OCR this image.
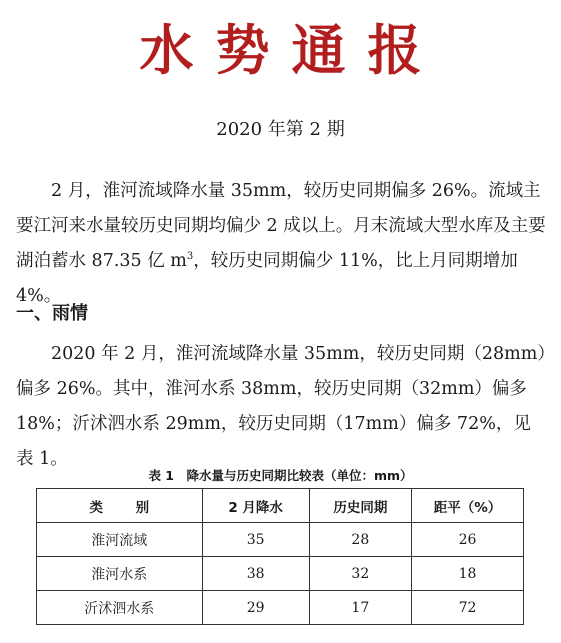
水势通报
2020 年第 2 期

2 月，淮河流域降水量 35mm，较历史同期偏多 26%。流域主要江河来水量较历史同期均偏少 2 成以上。月末流域大型水库及主要湖泊蓄水 87.35 亿 $m^3$，较历史同期偏少 11%，比上月同期增加 4%。

一、雨情

2020 年 2 月，淮河流域降水量 35mm，较历史同期（28mm）偏多 26%。其中，淮河水系 38mm，较历史同期（32mm）偏多 18%；沂沭泗水系 29mm，较历史同期（17mm）偏多 72%，见表 1。

表 1　降水量与历史同期比较表（单位：mm）
类 别	2 月降水	历史同期	距平（%）
淮河流域	35	28	26
淮河水系	38	32	18
沂沭泗水系	29	17	72
